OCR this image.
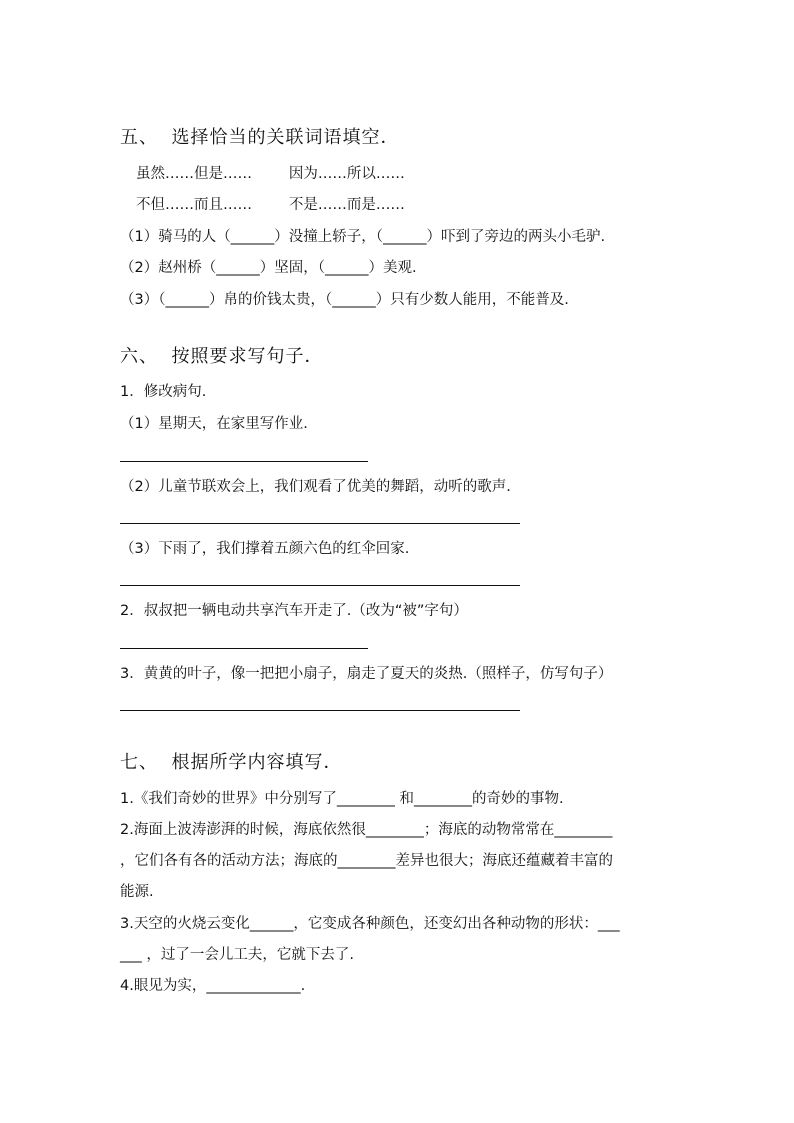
五、  选择恰当的关联词语填空．
虽然……但是……        因为……所以……
不但……而且……        不是……而是……
（1）骑马的人（______）没撞上轿子，（______）吓到了旁边的两头小毛驴.
（2）赵州桥（______）坚固，（______）美观.
（3）（______）帛的价钱太贵，（______）只有少数人能用，不能普及.
六、  按照要求写句子．
1．修改病句.
（1）星期天，在家里写作业.
（2）儿童节联欢会上，我们观看了优美的舞蹈，动听的歌声.
（3）下雨了，我们撑着五颜六色的红伞回家.
2．叔叔把一辆电动共享汽车开走了.（改为“被”字句）
3．黄黄的叶子，像一把把小扇子，扇走了夏天的炎热.（照样子，仿写句子）
七、  根据所学内容填写．
1.《我们奇妙的世界》中分别写了________ 和________的奇妙的事物.
2.海面上波涛澎湃的时候，海底依然很________；海底的动物常常在________
，它们各有各的活动方法；海底的________差异也很大；海底还蕴藏着丰富的
能源.
3.天空的火烧云变化______，它变成各种颜色，还变幻出各种动物的形状：___
___ ，过了一会儿工夫，它就下去了.
4.眼见为实，_____________.
